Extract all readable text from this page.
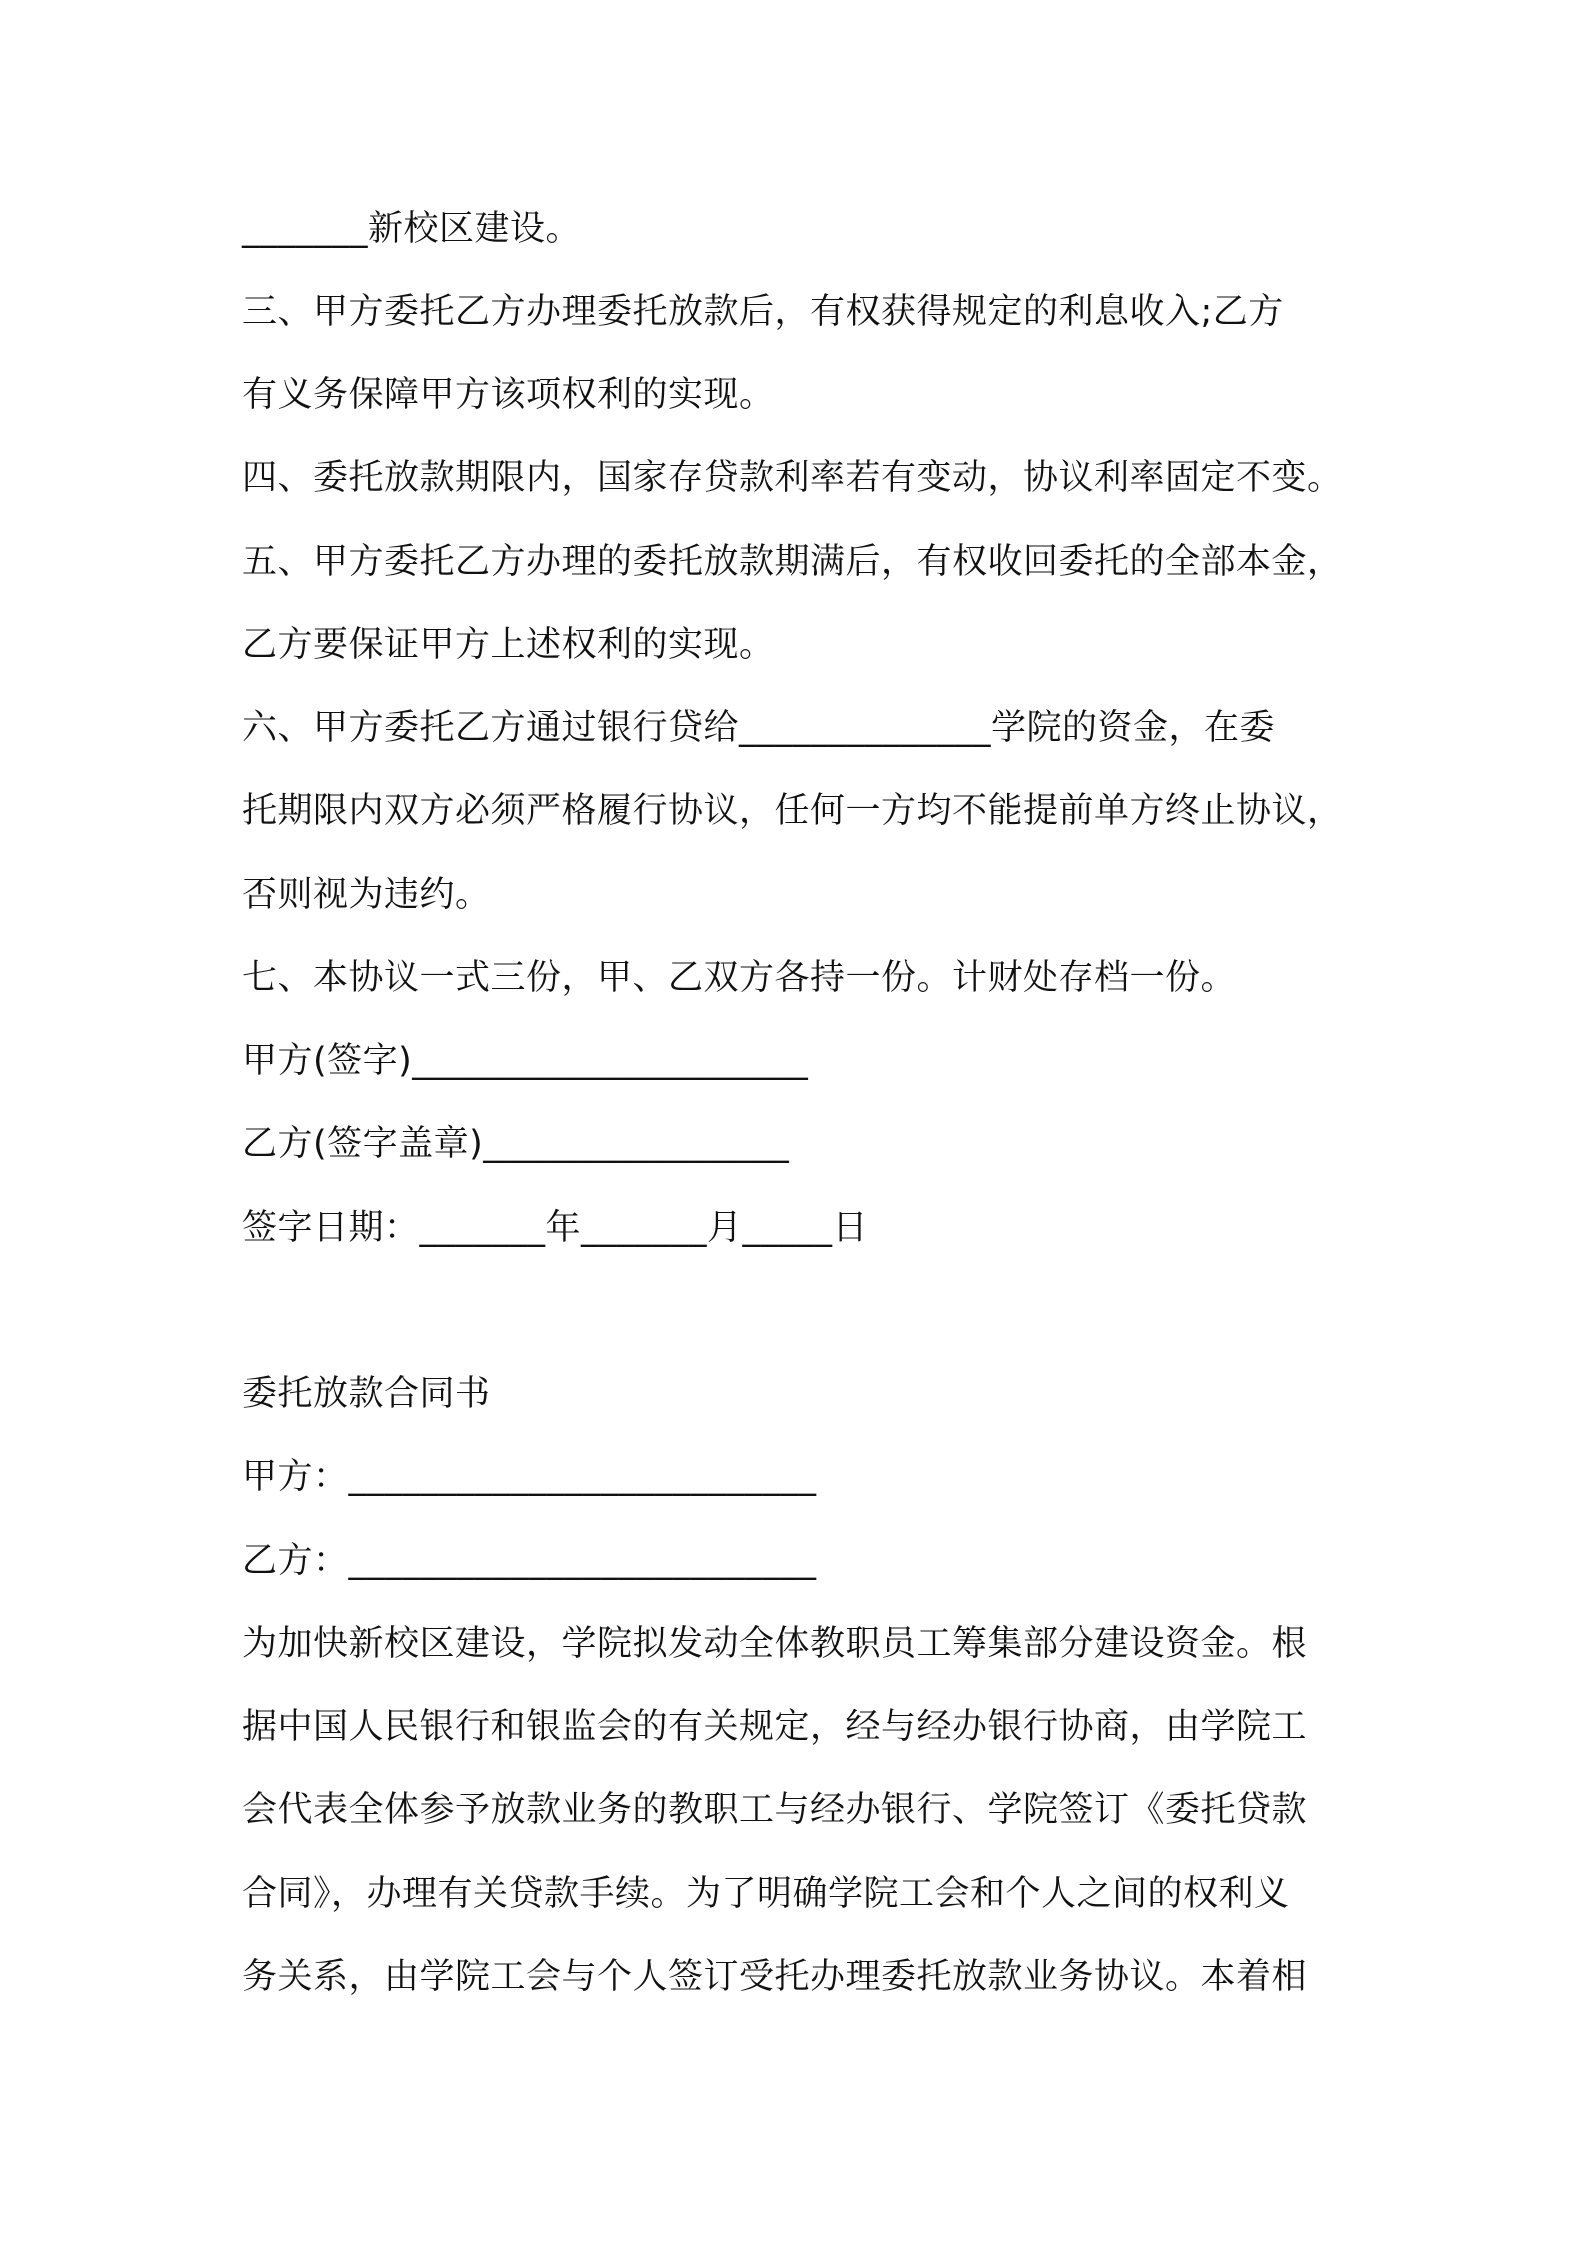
_______新校区建设。
三、甲方委托乙方办理委托放款后，有权获得规定的利息收入;乙方
有义务保障甲方该项权利的实现。
四、委托放款期限内，国家存贷款利率若有变动，协议利率固定不变。
五、甲方委托乙方办理的委托放款期满后，有权收回委托的全部本金，
乙方要保证甲方上述权利的实现。
六、甲方委托乙方通过银行贷给______________学院的资金，在委
托期限内双方必须严格履行协议，任何一方均不能提前单方终止协议，
否则视为违约。
七、本协议一式三份，甲、乙双方各持一份。计财处存档一份。
甲方(签字)______________________
乙方(签字盖章)_________________
签字日期：_______年_______月_____日
委托放款合同书
甲方：__________________________
乙方：__________________________
为加快新校区建设，学院拟发动全体教职员工筹集部分建设资金。根
据中国人民银行和银监会的有关规定，经与经办银行协商，由学院工
会代表全体参予放款业务的教职工与经办银行、学院签订《委托贷款
合同》，办理有关贷款手续。为了明确学院工会和个人之间的权利义
务关系，由学院工会与个人签订受托办理委托放款业务协议。本着相
